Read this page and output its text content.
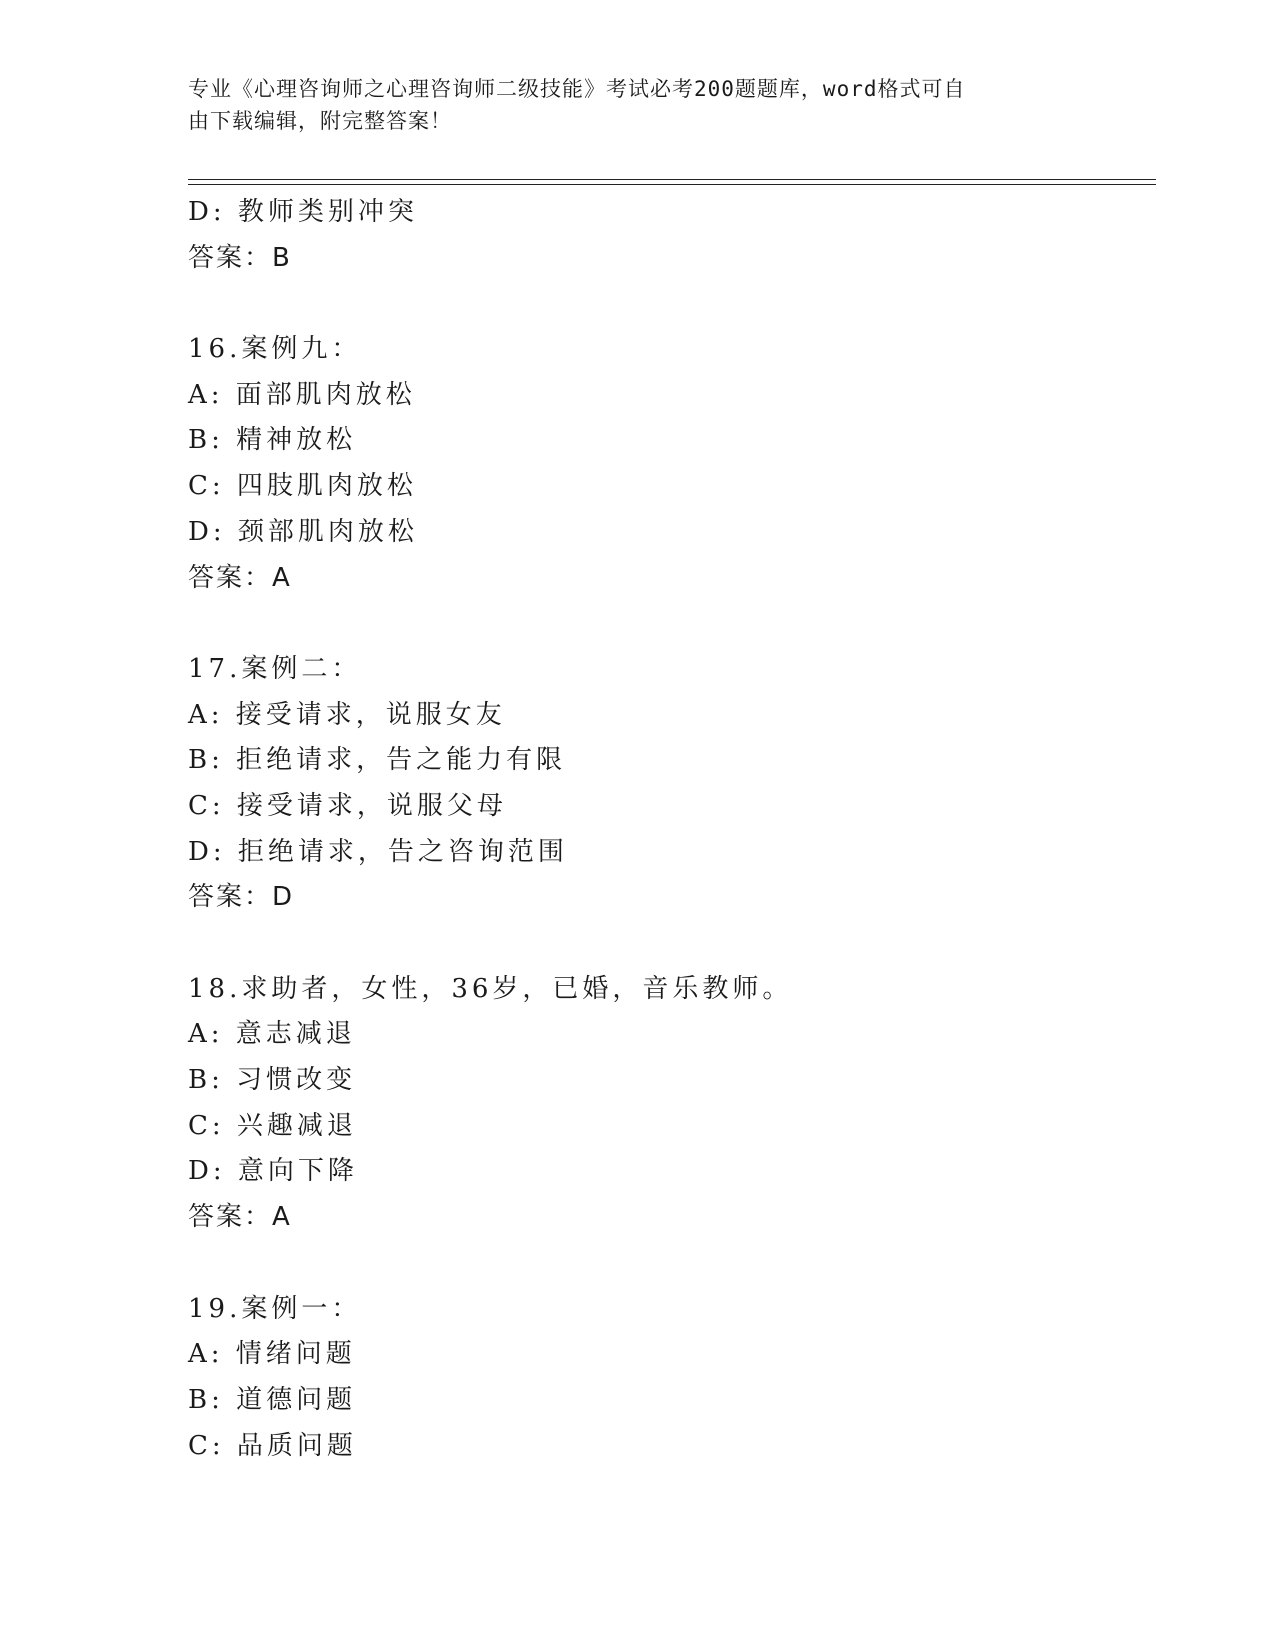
专业《心理咨询师之心理咨询师二级技能》考试必考200题题库，word格式可自
由下载编辑，附完整答案！
D: 教师类别冲突
答案：B
16.案例九：
A: 面部肌肉放松
B: 精神放松
C: 四肢肌肉放松
D: 颈部肌肉放松
答案：A
17.案例二：
A: 接受请求，说服女友
B: 拒绝请求，告之能力有限
C: 接受请求，说服父母
D: 拒绝请求，告之咨询范围
答案：D
18.求助者，女性，36岁，已婚，音乐教师。
A: 意志减退
B: 习惯改变
C: 兴趣减退
D: 意向下降
答案：A
19.案例一：
A: 情绪问题
B: 道德问题
C: 品质问题
